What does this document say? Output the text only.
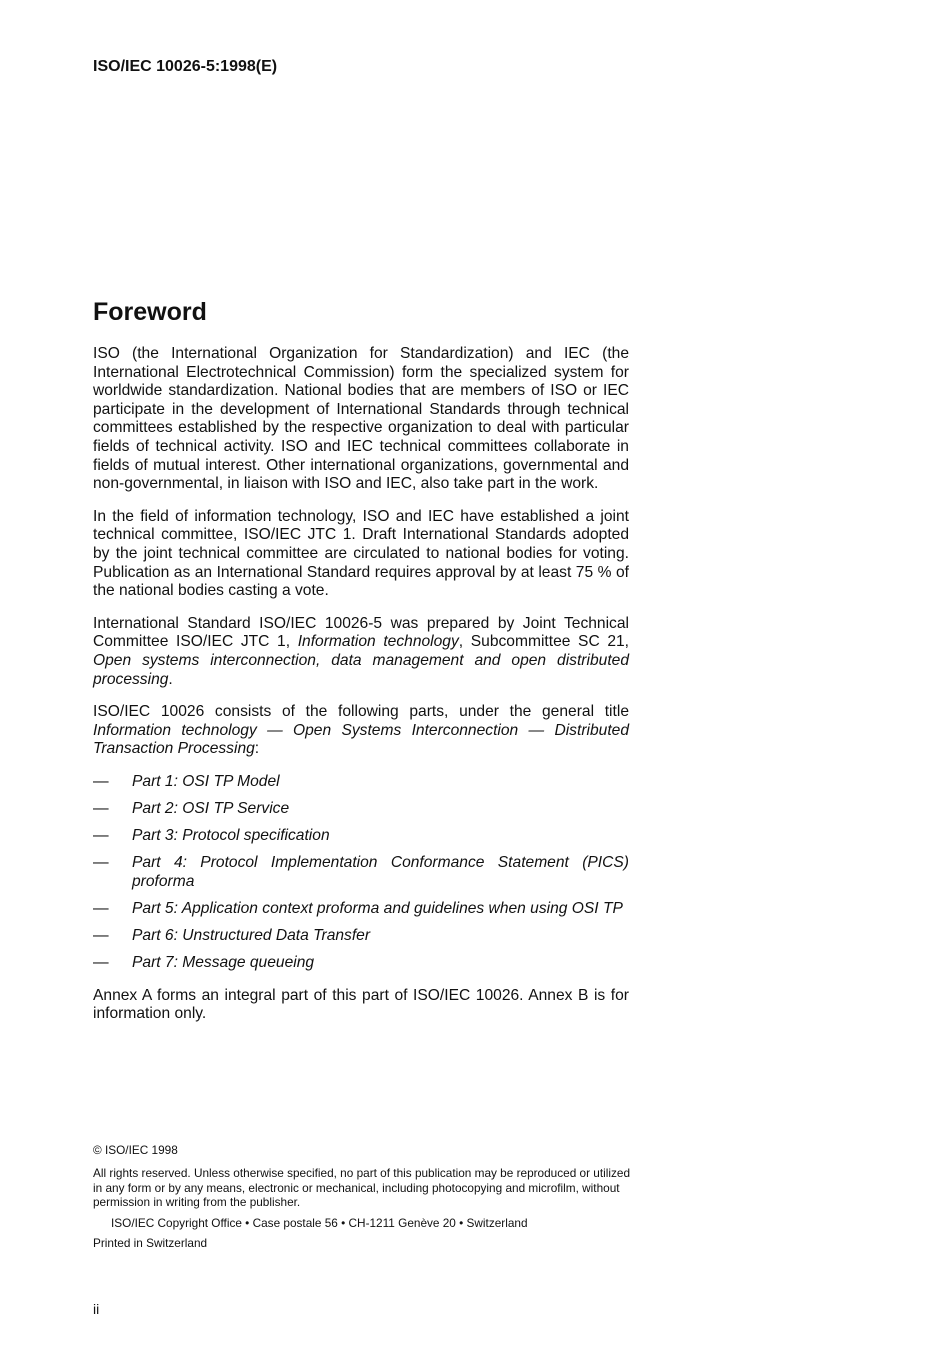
ISO/IEC 10026-5:1998(E)
Foreword

ISO (the International Organization for Standardization) and IEC (the International Electrotechnical Commission) form the specialized system for worldwide standardization. National bodies that are members of ISO or IEC participate in the development of International Standards through technical committees established by the respective organization to deal with particular fields of technical activity. ISO and IEC technical committees collaborate in fields of mutual interest. Other international organizations, governmental and non-governmental, in liaison with ISO and IEC, also take part in the work.

In the field of information technology, ISO and IEC have established a joint technical committee, ISO/IEC JTC 1. Draft International Standards adopted by the joint technical committee are circulated to national bodies for voting. Publication as an International Standard requires approval by at least 75 % of the national bodies casting a vote.

International Standard ISO/IEC 10026-5 was prepared by Joint Technical Committee ISO/IEC JTC 1, Information technology, Subcommittee SC 21, Open systems interconnection, data management and open distributed processing.

ISO/IEC 10026 consists of the following parts, under the general title Information technology — Open Systems Interconnection — Distributed Transaction Processing:

—	Part 1: OSI TP Model
—	Part 2: OSI TP Service
—	Part 3: Protocol specification
—	Part 4: Protocol Implementation Conformance Statement (PICS) proforma
—	Part 5: Application context proforma and guidelines when using OSI TP
—	Part 6: Unstructured Data Transfer
—	Part 7: Message queueing

Annex A forms an integral part of this part of ISO/IEC 10026. Annex B is for information only.

© ISO/IEC 1998
All rights reserved. Unless otherwise specified, no part of this publication may be reproduced or utilized in any form or by any means, electronic or mechanical, including photocopying and microfilm, without permission in writing from the publisher.
ISO/IEC Copyright Office • Case postale 56 • CH-1211 Genève 20 • Switzerland
Printed in Switzerland
ii
